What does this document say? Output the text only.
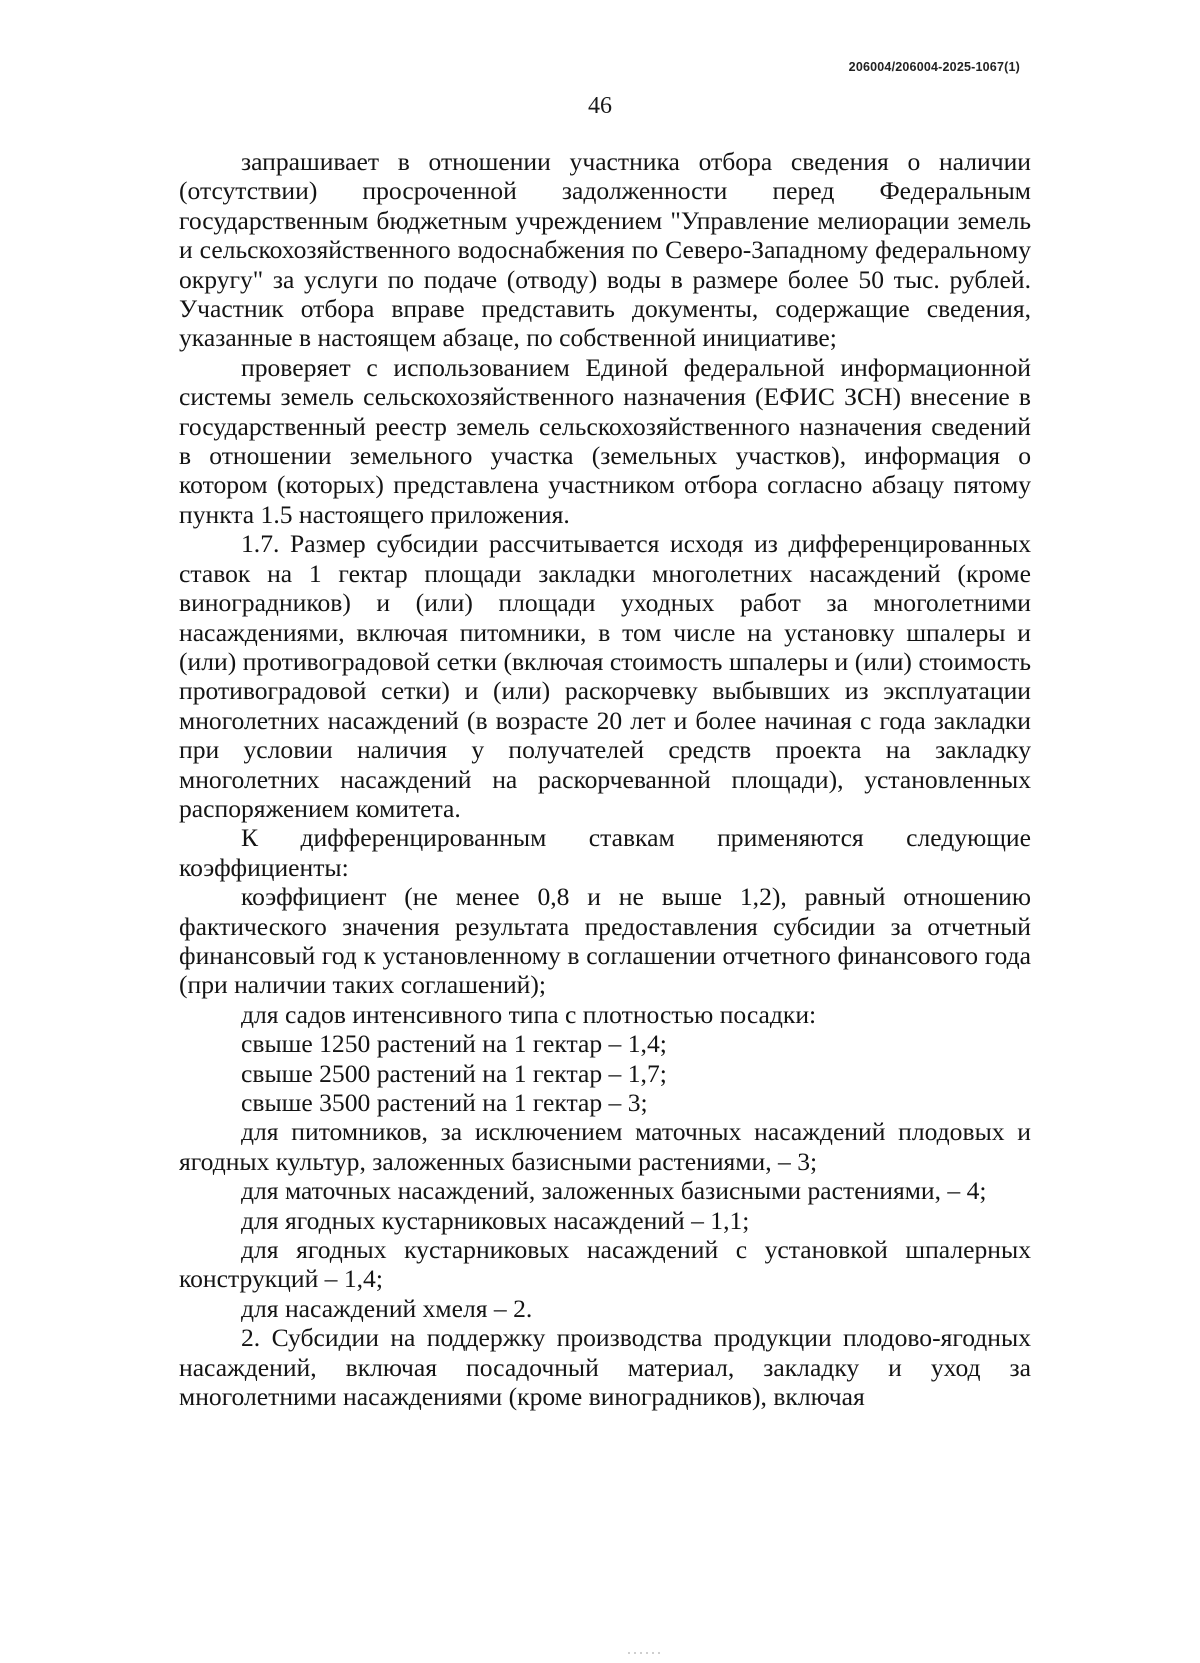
206004/206004-2025-1067(1)
46

запрашивает в отношении участника отбора сведения о наличии (отсутствии) просроченной задолженности перед Федеральным государственным бюджетным учреждением "Управление мелиорации земель и сельскохозяйственного водоснабжения по Северо-Западному федеральному округу" за услуги по подаче (отводу) воды в размере более 50 тыс. рублей. Участник отбора вправе представить документы, содержащие сведения, указанные в настоящем абзаце, по собственной инициативе;

проверяет с использованием Единой федеральной информационной системы земель сельскохозяйственного назначения (ЕФИС ЗСН) внесение в государственный реестр земель сельскохозяйственного назначения сведений в отношении земельного участка (земельных участков), информация о котором (которых) представлена участником отбора согласно абзацу пятому пункта 1.5 настоящего приложения.

1.7. Размер субсидии рассчитывается исходя из дифференцированных ставок на 1 гектар площади закладки многолетних насаждений (кроме виноградников) и (или) площади уходных работ за многолетними насаждениями, включая питомники, в том числе на установку шпалеры и (или) противоградовой сетки (включая стоимость шпалеры и (или) стоимость противоградовой сетки) и (или) раскорчевку выбывших из эксплуатации многолетних насаждений (в возрасте 20 лет и более начиная с года закладки при условии наличия у получателей средств проекта на закладку многолетних насаждений на раскорчеванной площади), установленных распоряжением комитета.

К дифференцированным ставкам применяются следующие коэффициенты:

коэффициент (не менее 0,8 и не выше 1,2), равный отношению фактического значения результата предоставления субсидии за отчетный финансовый год к установленному в соглашении отчетного финансового года (при наличии таких соглашений);

для садов интенсивного типа с плотностью посадки:

свыше 1250 растений на 1 гектар – 1,4;

свыше 2500 растений на 1 гектар – 1,7;

свыше 3500 растений на 1 гектар – 3;

для питомников, за исключением маточных насаждений плодовых и ягодных культур, заложенных базисными растениями, – 3;

для маточных насаждений, заложенных базисными растениями, – 4;

для ягодных кустарниковых насаждений – 1,1;

для ягодных кустарниковых насаждений с установкой шпалерных конструкций – 1,4;

для насаждений хмеля – 2.

2. Субсидии на поддержку производства продукции плодово-ягодных насаждений, включая посадочный материал, закладку и уход за многолетними насаждениями (кроме виноградников), включая
